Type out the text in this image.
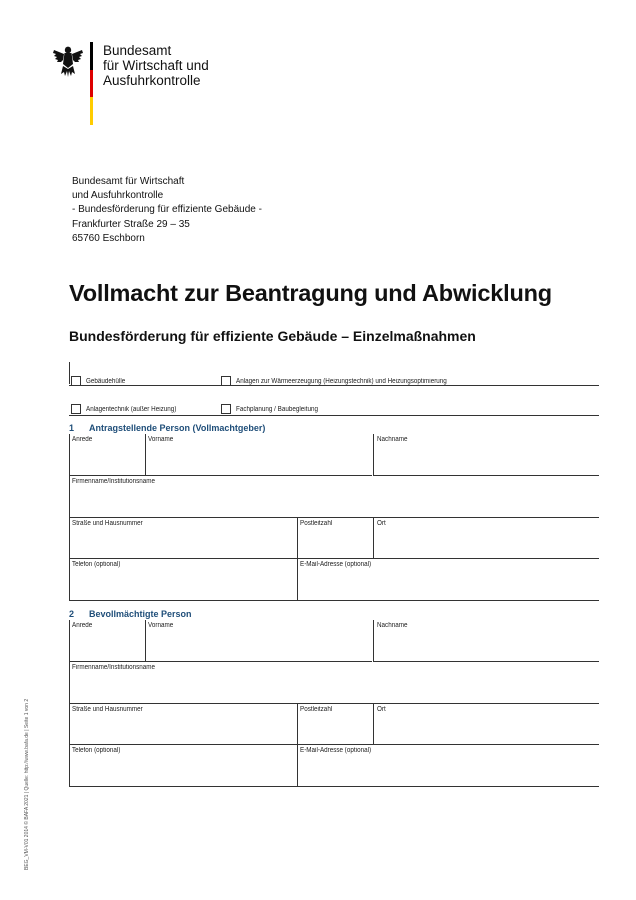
Bundesamt
für Wirtschaft und
Ausfuhrkontrolle
Bundesamt für Wirtschaft
und Ausfuhrkontrolle
- Bundesförderung für effiziente Gebäude -
Frankfurter Straße 29 – 35
65760 Eschborn
Vollmacht zur Beantragung und Abwicklung
Bundesförderung für effiziente Gebäude – Einzelmaßnahmen
Gebäudehülle	Anlagen zur Wärmeerzeugung (Heizungstechnik) und Heizungsoptimierung
Anlagentechnik (außer Heizung)	Fachplanung / Baubegleitung
1 Antragstellende Person (Vollmachtgeber)
Anrede	Vorname	Nachname
Firmenname/Institutionsname
Straße und Hausnummer	Postleitzahl	Ort
Telefon (optional)	E-Mail-Adresse (optional)
2 Bevollmächtigte Person
Anrede	Vorname	Nachname
Firmenname/Institutionsname
Straße und Hausnummer	Postleitzahl	Ort
Telefon (optional)	E-Mail-Adresse (optional)
BEG_VM-V01 2014 © BAFA 2021 | Quelle: http://www.bafa.de | Seite 1 von 2
